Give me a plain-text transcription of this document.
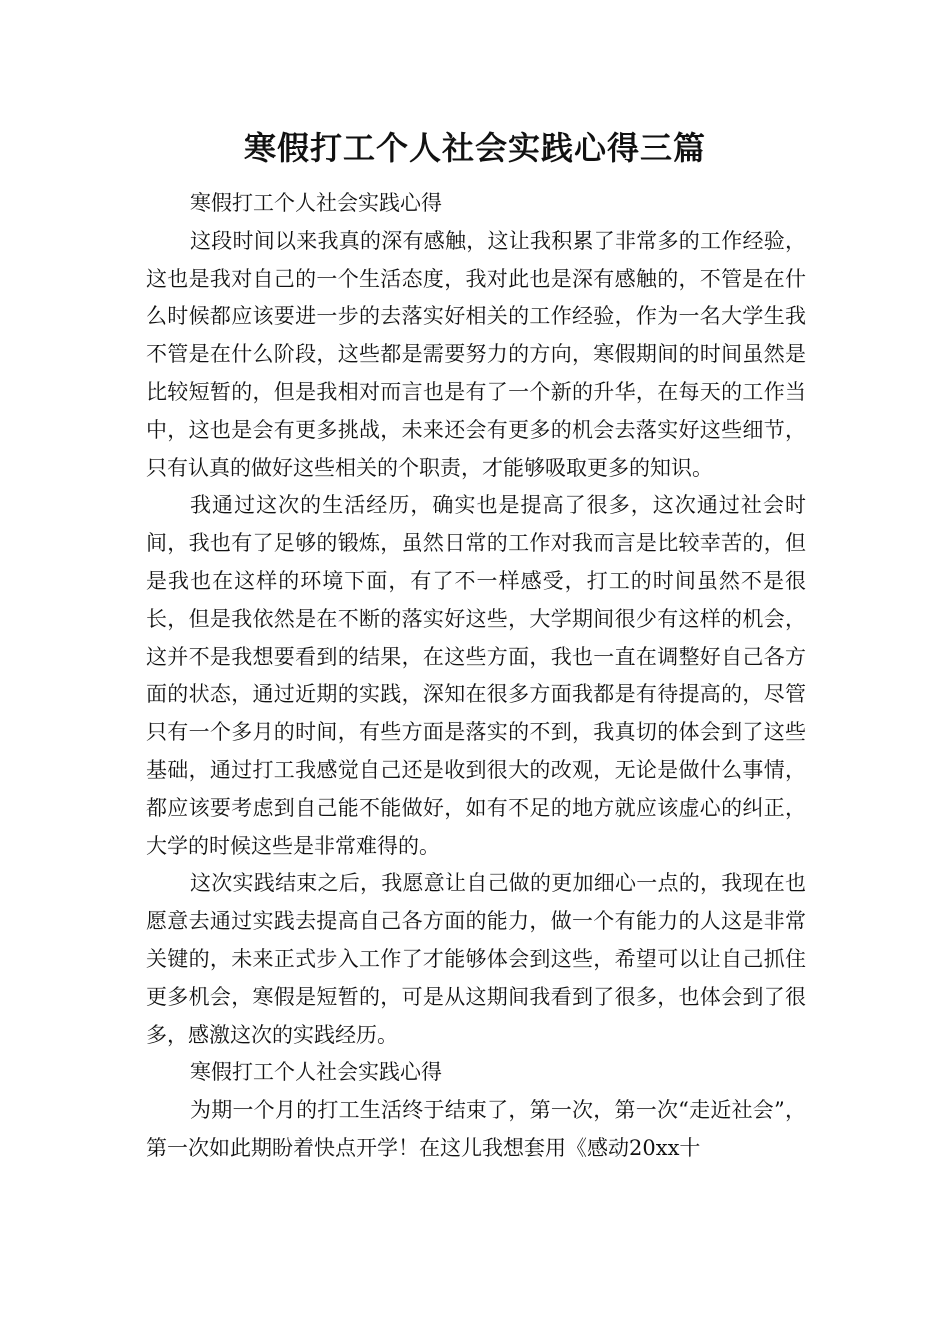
寒假打工个人社会实践心得三篇

寒假打工个人社会实践心得

这段时间以来我真的深有感触，这让我积累了非常多的工作经验，这也是我对自己的一个生活态度，我对此也是深有感触的，不管是在什么时候都应该要进一步的去落实好相关的工作经验，作为一名大学生我不管是在什么阶段，这些都是需要努力的方向，寒假期间的时间虽然是比较短暂的，但是我相对而言也是有了一个新的升华，在每天的工作当中，这也是会有更多挑战，未来还会有更多的机会去落实好这些细节，只有认真的做好这些相关的个职责，才能够吸取更多的知识。

我通过这次的生活经历，确实也是提高了很多，这次通过社会时间，我也有了足够的锻炼，虽然日常的工作对我而言是比较幸苦的，但是我也在这样的环境下面，有了不一样感受，打工的时间虽然不是很长，但是我依然是在不断的落实好这些，大学期间很少有这样的机会，这并不是我想要看到的结果，在这些方面，我也一直在调整好自己各方面的状态，通过近期的实践，深知在很多方面我都是有待提高的，尽管只有一个多月的时间，有些方面是落实的不到，我真切的体会到了这些基础，通过打工我感觉自己还是收到很大的改观，无论是做什么事情，都应该要考虑到自己能不能做好，如有不足的地方就应该虚心的纠正，大学的时候这些是非常难得的。

这次实践结束之后，我愿意让自己做的更加细心一点的，我现在也愿意去通过实践去提高自己各方面的能力，做一个有能力的人这是非常关键的，未来正式步入工作了才能够体会到这些，希望可以让自己抓住更多机会，寒假是短暂的，可是从这期间我看到了很多，也体会到了很多，感激这次的实践经历。

寒假打工个人社会实践心得

为期一个月的打工生活终于结束了，第一次，第一次“走近社会”，第一次如此期盼着快点开学！在这儿我想套用《感动20xx十
